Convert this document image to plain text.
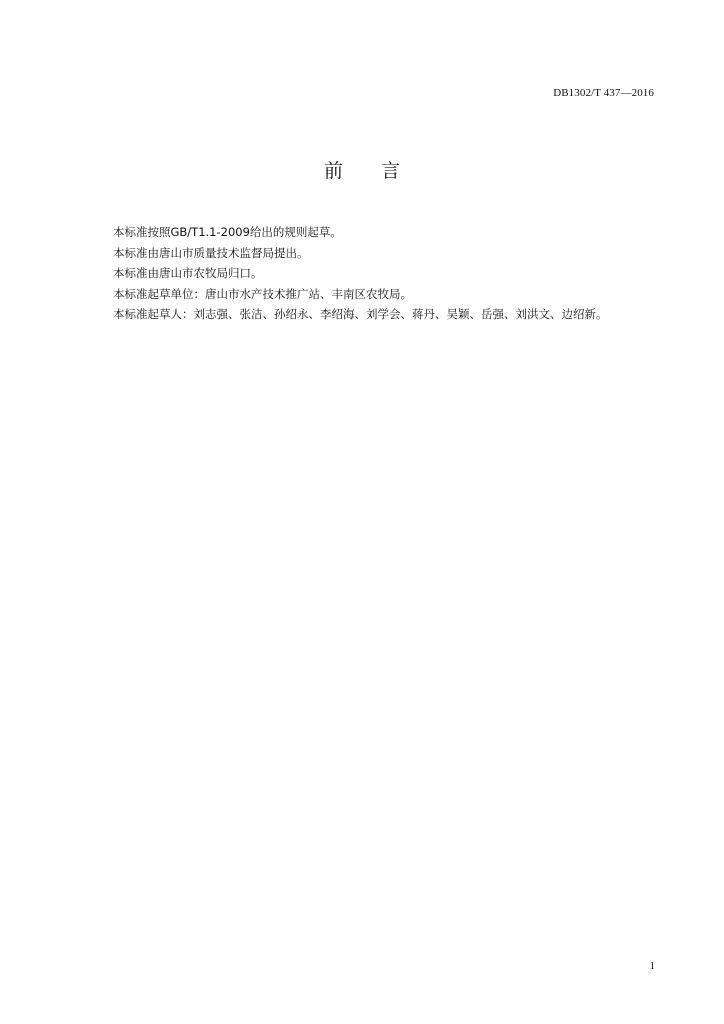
DB1302/T 437—2016
前言
本标准按照GB/T1.1-2009给出的规则起草。
本标准由唐山市质量技术监督局提出。
本标准由唐山市农牧局归口。
本标准起草单位：唐山市水产技术推广站、丰南区农牧局。
本标准起草人：刘志强、张洁、孙绍永、李绍海、刘学会、蒋丹、吴颖、岳强、刘洪文、边绍新。
1
